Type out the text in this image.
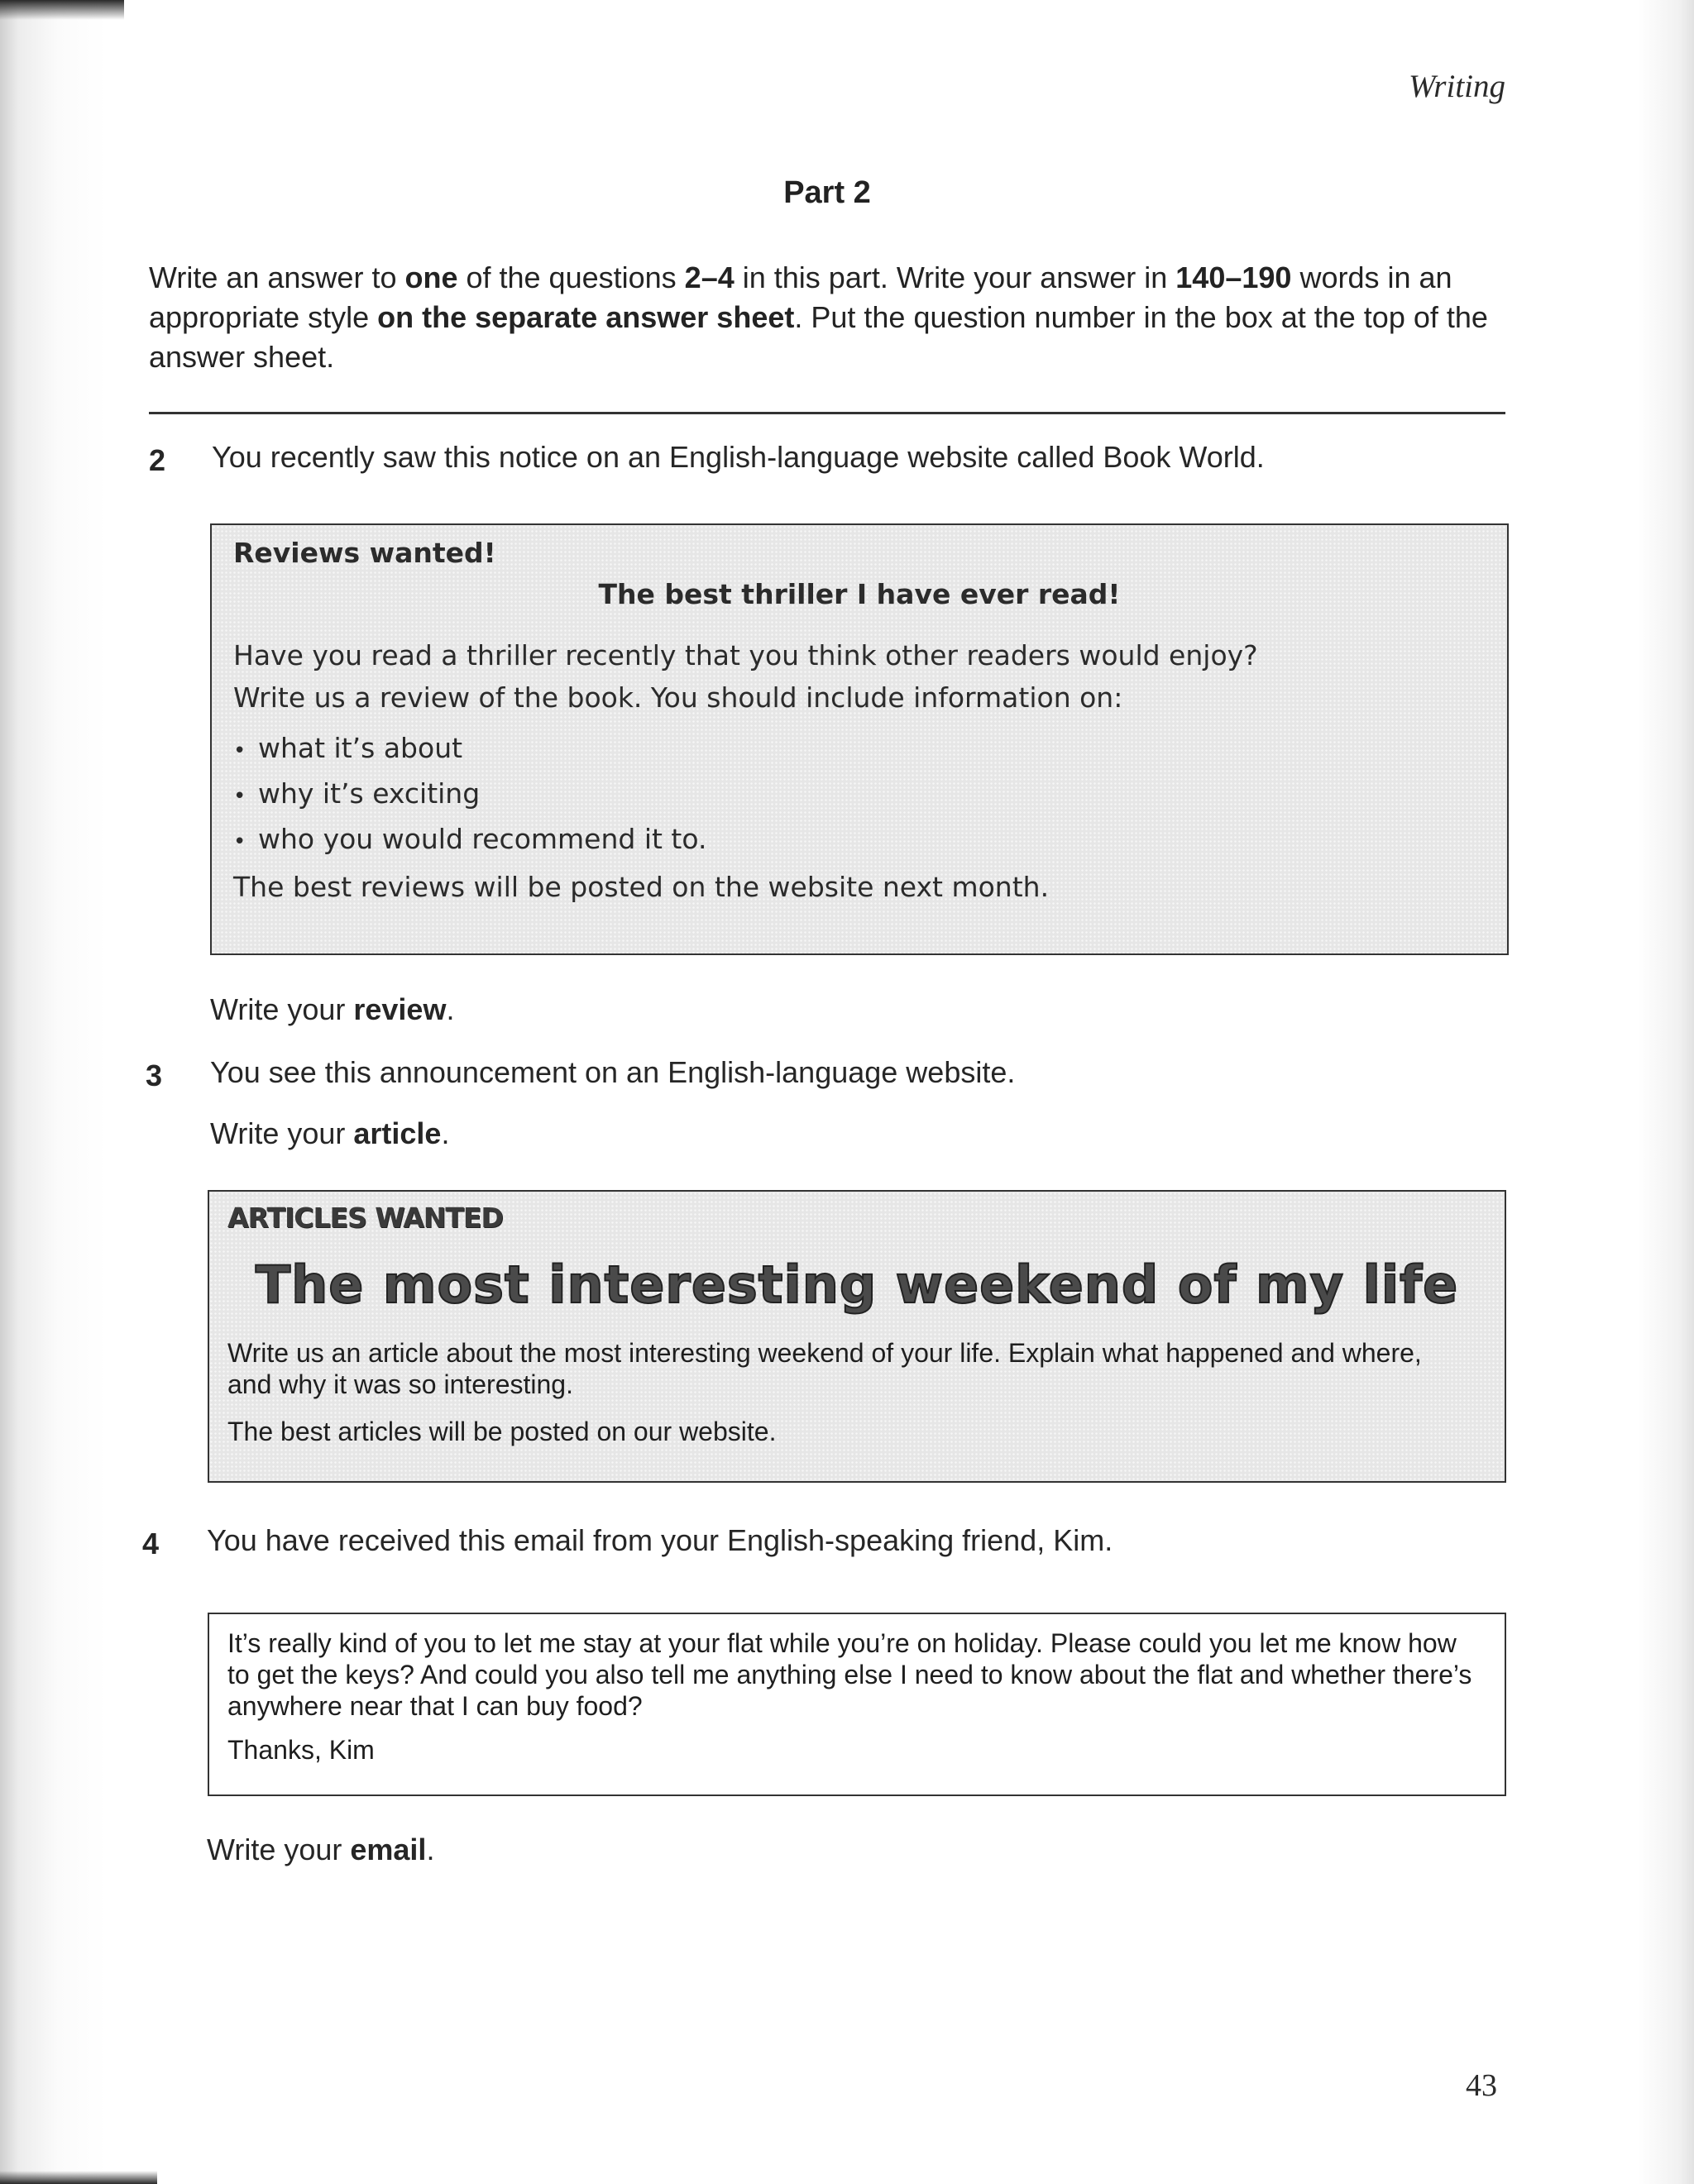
Writing
Part 2
Write an answer to one of the questions 2–4 in this part. Write your answer in 140–190 words in an appropriate style on the separate answer sheet. Put the question number in the box at the top of the answer sheet.
2 You recently saw this notice on an English-language website called Book World.
Reviews wanted!
The best thriller I have ever read!
Have you read a thriller recently that you think other readers would enjoy?
Write us a review of the book. You should include information on:
• what it’s about
• why it’s exciting
• who you would recommend it to.
The best reviews will be posted on the website next month.
Write your review.
3 You see this announcement on an English-language website.
Write your article.
ARTICLES WANTED
The most interesting weekend of my life
Write us an article about the most interesting weekend of your life. Explain what happened and where, and why it was so interesting.
The best articles will be posted on our website.
4 You have received this email from your English-speaking friend, Kim.
It’s really kind of you to let me stay at your flat while you’re on holiday. Please could you let me know how to get the keys? And could you also tell me anything else I need to know about the flat and whether there’s anywhere near that I can buy food?
Thanks, Kim
Write your email.
43
